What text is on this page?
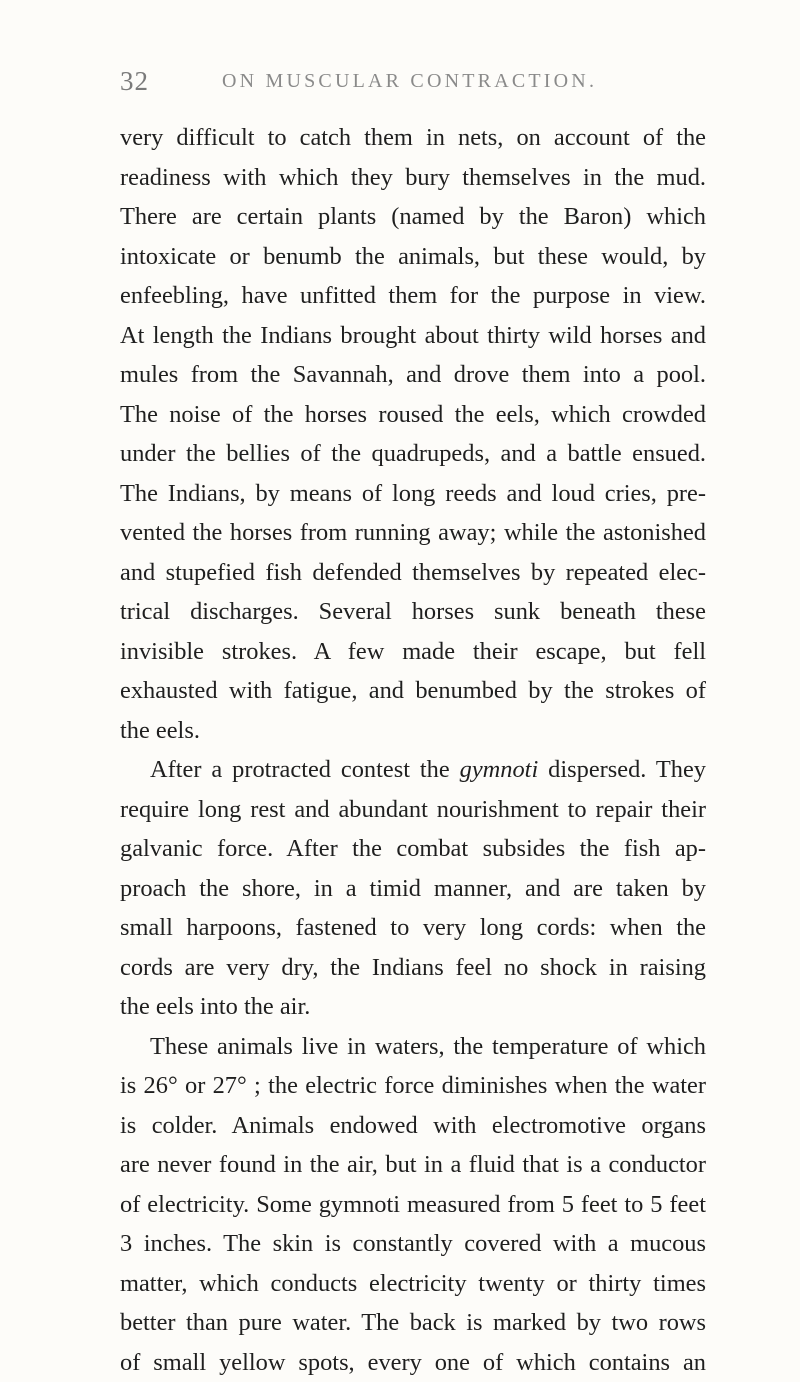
32	ON MUSCULAR CONTRACTION.
very difficult to catch them in nets, on account of the
readiness with which they bury themselves in the mud.
There are certain plants (named by the Baron) which
intoxicate or benumb the animals, but these would, by
enfeebling, have unfitted them for the purpose in view.
At length the Indians brought about thirty wild horses and
mules from the Savannah, and drove them into a pool.
The noise of the horses roused the eels, which crowded
under the bellies of the quadrupeds, and a battle ensued.
The Indians, by means of long reeds and loud cries, pre-
vented the horses from running away; while the astonished
and stupefied fish defended themselves by repeated elec-
trical discharges. Several horses sunk beneath these
invisible strokes. A few made their escape, but fell
exhausted with fatigue, and benumbed by the strokes of
the eels.
After a protracted contest the gymnoti dispersed. They
require long rest and abundant nourishment to repair their
galvanic force. After the combat subsides the fish ap-
proach the shore, in a timid manner, and are taken by
small harpoons, fastened to very long cords: when the
cords are very dry, the Indians feel no shock in raising
the eels into the air.
These animals live in waters, the temperature of which
is 26° or 27° ; the electric force diminishes when the water
is colder. Animals endowed with electromotive organs
are never found in the air, but in a fluid that is a conductor
of electricity. Some gymnoti measured from 5 feet to 5 feet
3 inches. The skin is constantly covered with a mucous
matter, which conducts electricity twenty or thirty times
better than pure water. The back is marked by two rows
of small yellow spots, every one of which contains an
